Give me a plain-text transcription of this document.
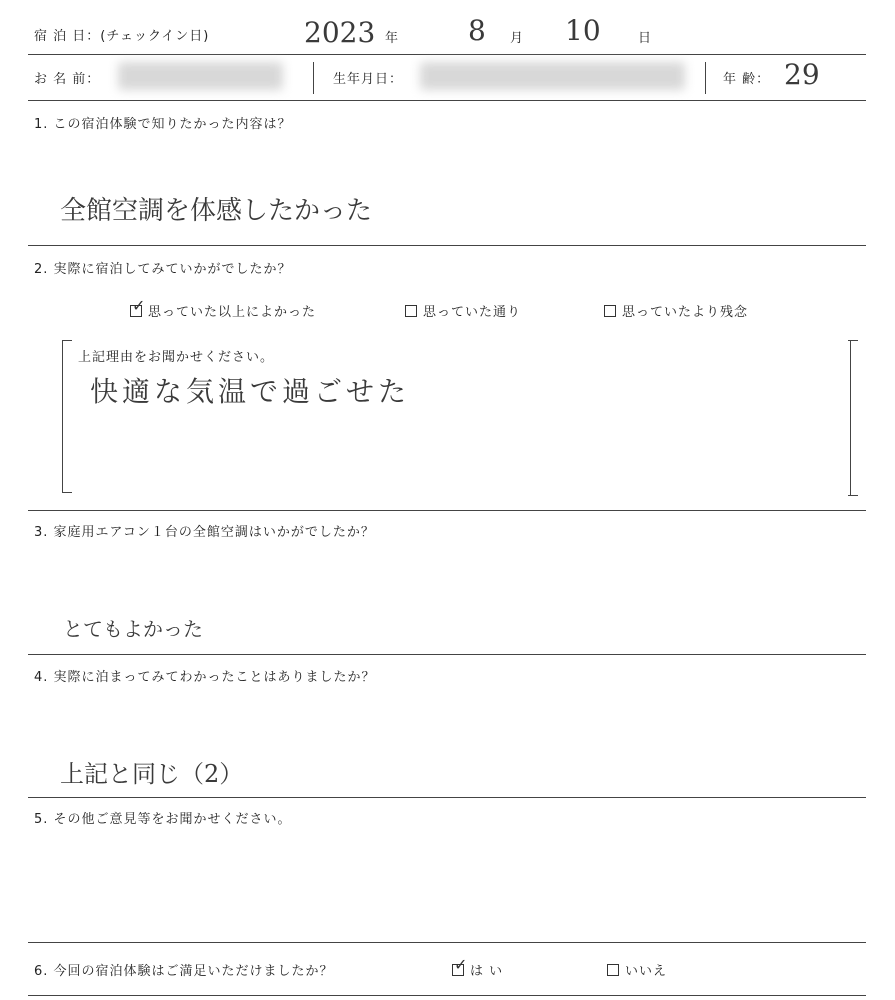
宿 泊 日：(チェックイン日)	2023 年 8 月 10	日
お 名 前：	生年月日：	年 齢： 29
1. この宿泊体験で知りたかった内容は？
全館空調を体感したかった
2. 実際に宿泊してみていかがでしたか？
✓ 思っていた以上によかった	思っていた通り	思っていたより残念
上記理由をお聞かせください。
快適な気温で過ごせた
3. 家庭用エアコン１台の全館空調はいかがでしたか？
とてもよかった
4. 実際に泊まってみてわかったことはありましたか？
上記と同じ（2）
5. その他ご意見等をお聞かせください。
6. 今回の宿泊体験はご満足いただけましたか？	✓ は い	いいえ
